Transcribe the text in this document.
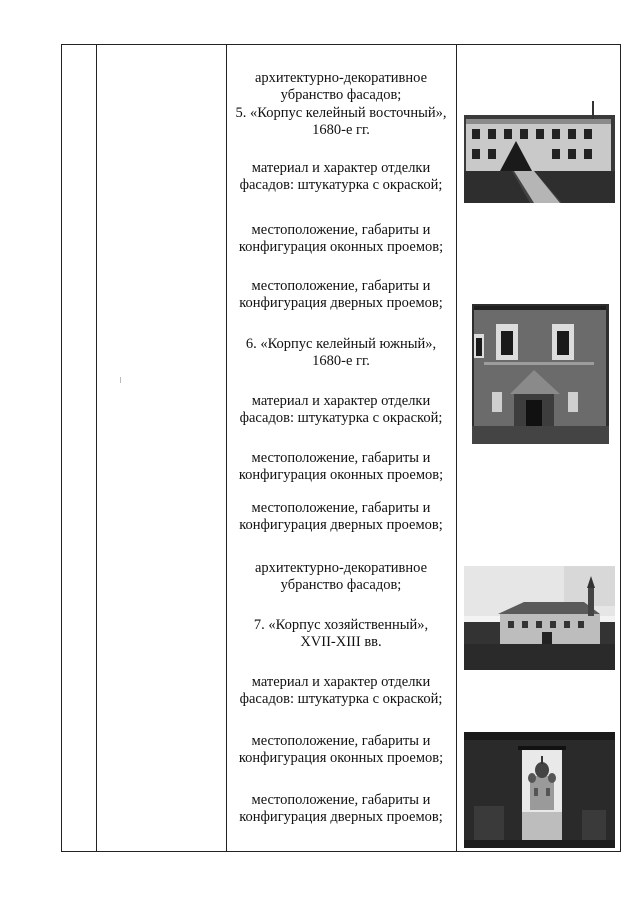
архитектурно-декоративное
убранство фасадов;
5. «Корпус келейный восточный»,
1680-е гг.
материал и характер отделки
фасадов: штукатурка с окраской;
местоположение, габариты и
конфигурация оконных проемов;
местоположение, габариты и
конфигурация дверных проемов;
6. «Корпус келейный южный»,
1680-е гг.
материал и характер отделки
фасадов: штукатурка с окраской;
местоположение, габариты и
конфигурация оконных проемов;
местоположение, габариты и
конфигурация дверных проемов;
архитектурно-декоративное
убранство фасадов;
7. «Корпус хозяйственный»,
XVII-XIII вв.
материал и характер отделки
фасадов: штукатурка с окраской;
местоположение, габариты и
конфигурация оконных проемов;
местоположение, габариты и
конфигурация дверных проемов;
